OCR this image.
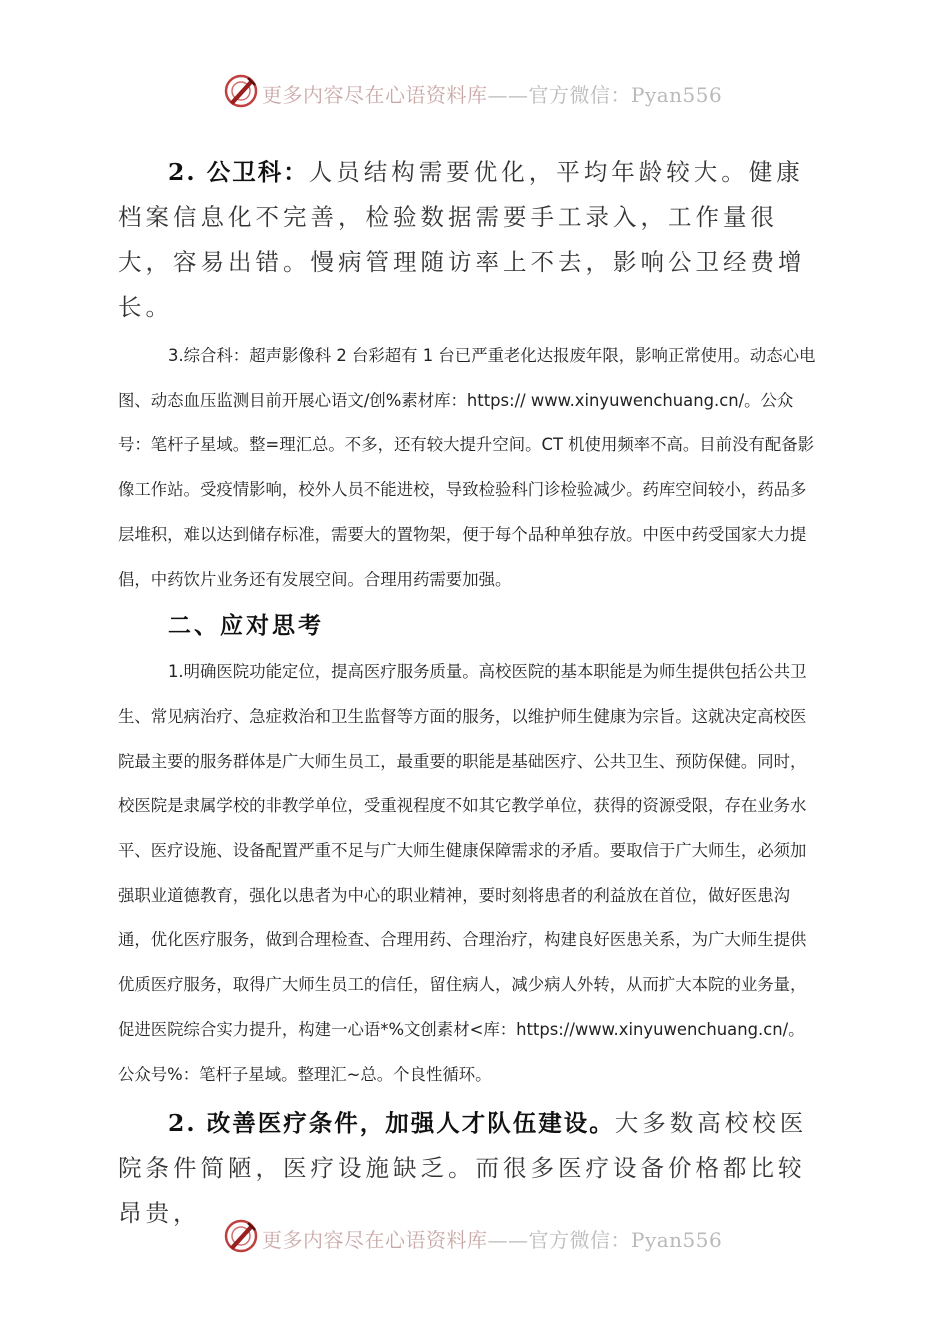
更多内容尽在心语资料库——官方微信：Pyan556

2. 公卫科：人员结构需要优化，平均年龄较大。健康档案信息化不完善，检验数据需要手工录入，工作量很大，容易出错。慢病管理随访率上不去，影响公卫经费增长。

3.综合科：超声影像科 2 台彩超有 1 台已严重老化达报废年限，影响正常使用。动态心电图、动态血压监测目前开展心语文/创%素材库：https:// www.xinyuwenchuang.cn/。公众号：笔杆子星域。整=理汇总。不多，还有较大提升空间。CT 机使用频率不高。目前没有配备影像工作站。受疫情影响，校外人员不能进校，导致检验科门诊检验减少。药库空间较小，药品多层堆积，难以达到储存标准，需要大的置物架，便于每个品种单独存放。中医中药受国家大力提倡，中药饮片业务还有发展空间。合理用药需要加强。

二、应对思考

1.明确医院功能定位，提高医疗服务质量。高校医院的基本职能是为师生提供包括公共卫生、常见病治疗、急症救治和卫生监督等方面的服务，以维护师生健康为宗旨。这就决定高校医院最主要的服务群体是广大师生员工，最重要的职能是基础医疗、公共卫生、预防保健。同时，校医院是隶属学校的非教学单位，受重视程度不如其它教学单位，获得的资源受限，存在业务水平、医疗设施、设备配置严重不足与广大师生健康保障需求的矛盾。要取信于广大师生，必须加强职业道德教育，强化以患者为中心的职业精神，要时刻将患者的利益放在首位，做好医患沟通，优化医疗服务，做到合理检查、合理用药、合理治疗，构建良好医患关系，为广大师生提供优质医疗服务，取得广大师生员工的信任，留住病人，减少病人外转，从而扩大本院的业务量，促进医院综合实力提升，构建一心语*%文创素材<库：https://www.xinyuwenchuang.cn/。公众号%：笔杆子星域。整理汇~总。个良性循环。

2. 改善医疗条件，加强人才队伍建设。大多数高校校医院条件简陋，医疗设施缺乏。而很多医疗设备价格都比较昂贵，

更多内容尽在心语资料库——官方微信：Pyan556
